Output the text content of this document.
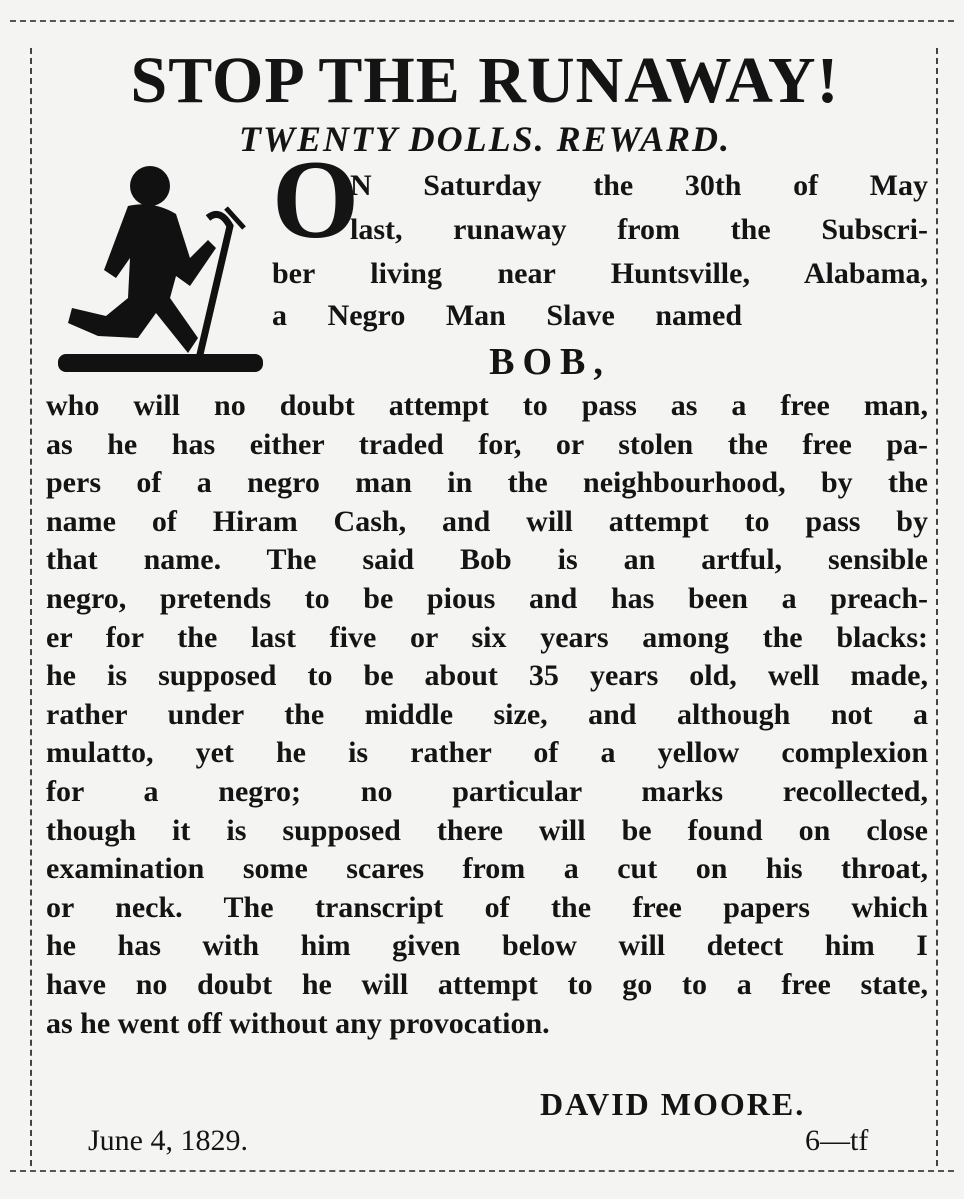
STOP THE RUNAWAY!
TWENTY DOLLS. REWARD.
O
N Saturday the 30th of May
last, runaway from the Subscri-
ber living near Huntsville, Alabama,
a Negro Man Slave named
BOB,
who will no doubt attempt to pass as a free man,
as he has either traded for, or stolen the free pa-
pers of a negro man in the neighbourhood, by the
name of Hiram Cash, and will attempt to pass by
that name. The said Bob is an artful, sensible
negro, pretends to be pious and has been a preach-
er for the last five or six years among the blacks:
he is supposed to be about 35 years old, well made,
rather under the middle size, and although not a
mulatto, yet he is rather of a yellow complexion
for a negro; no particular marks recollected,
though it is supposed there will be found on close
examination some scares from a cut on his throat,
or neck. The transcript of the free papers which
he has with him given below will detect him I
have no doubt he will attempt to go to a free state,
as he went off without any provocation.
DAVID MOORE.
June 4, 1829.	6—tf
